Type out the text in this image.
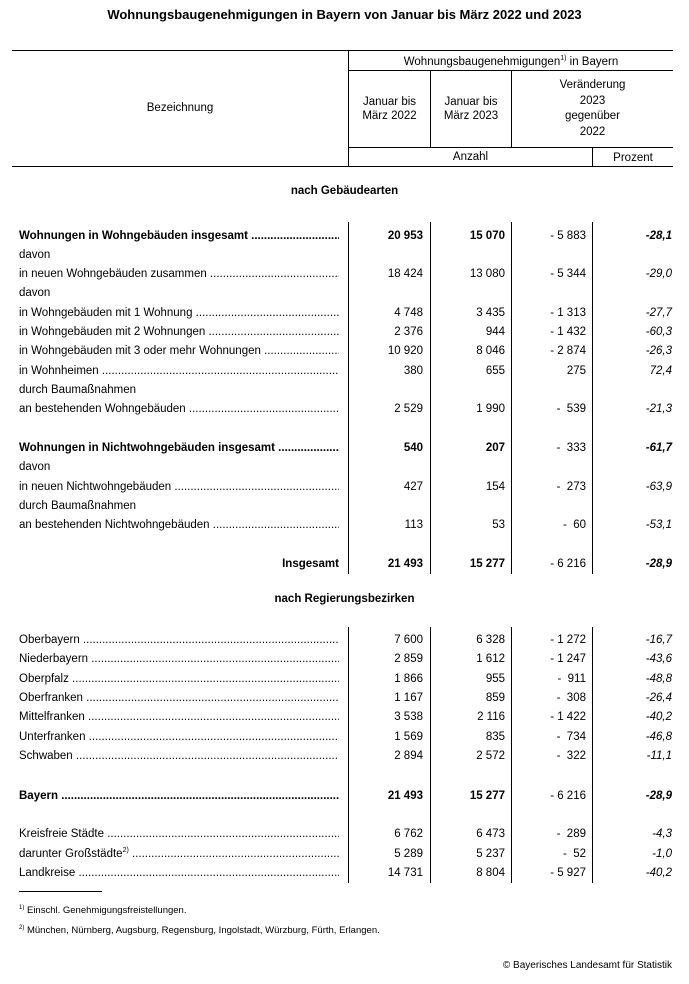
Wohnungsbaugenehmigungen in Bayern von Januar bis März 2022 und 2023
Bezeichnung
Wohnungsbaugenehmigungen$^{1)}$ in Bayern
Januar bis
März 2022
Januar bis
März 2023
Veränderung
2023
gegenüber
2022
Anzahl	Prozent
nach Gebäudearten
Wohnungen in Wohngebäuden insgesamt .....	20 953	15 070	- 5 883	-28,1
davon
in neuen Wohngebäuden zusammen .....	18 424	13 080	- 5 344	-29,0
davon
in Wohngebäuden mit 1 Wohnung .....	4 748	3 435	- 1 313	-27,7
in Wohngebäuden mit 2 Wohnungen .....	2 376	944	- 1 432	-60,3
in Wohngebäuden mit 3 oder mehr Wohnungen .....	10 920	8 046	- 2 874	-26,3
in Wohnheimen .....	380	655	275	72,4
durch Baumaßnahmen
an bestehenden Wohngebäuden .....	2 529	1 990	-  539	-21,3
Wohnungen in Nichtwohngebäuden insgesamt .....	540	207	-  333	-61,7
davon
in neuen Nichtwohngebäuden .....	427	154	-  273	-63,9
durch Baumaßnahmen
an bestehenden Nichtwohngebäuden .....	113	53	-  60	-53,1
Insgesamt	21 493	15 277	- 6 216	-28,9
nach Regierungsbezirken
Oberbayern .....	7 600	6 328	- 1 272	-16,7
Niederbayern .....	2 859	1 612	- 1 247	-43,6
Oberpfalz .....	1 866	955	-  911	-48,8
Oberfranken .....	1 167	859	-  308	-26,4
Mittelfranken .....	3 538	2 116	- 1 422	-40,2
Unterfranken .....	1 569	835	-  734	-46,8
Schwaben .....	2 894	2 572	-  322	-11,1
Bayern .....	21 493	15 277	- 6 216	-28,9
Kreisfreie Städte .....	6 762	6 473	-  289	-4,3
darunter Großstädte$^{2)}$ .....	5 289	5 237	-  52	-1,0
Landkreise .....	14 731	8 804	- 5 927	-40,2
$^{1)}$ Einschl. Genehmigungsfreistellungen.
$^{2)}$ München, Nürnberg, Augsburg, Regensburg, Ingolstadt, Würzburg, Fürth, Erlangen.
© Bayerisches Landesamt für Statistik
